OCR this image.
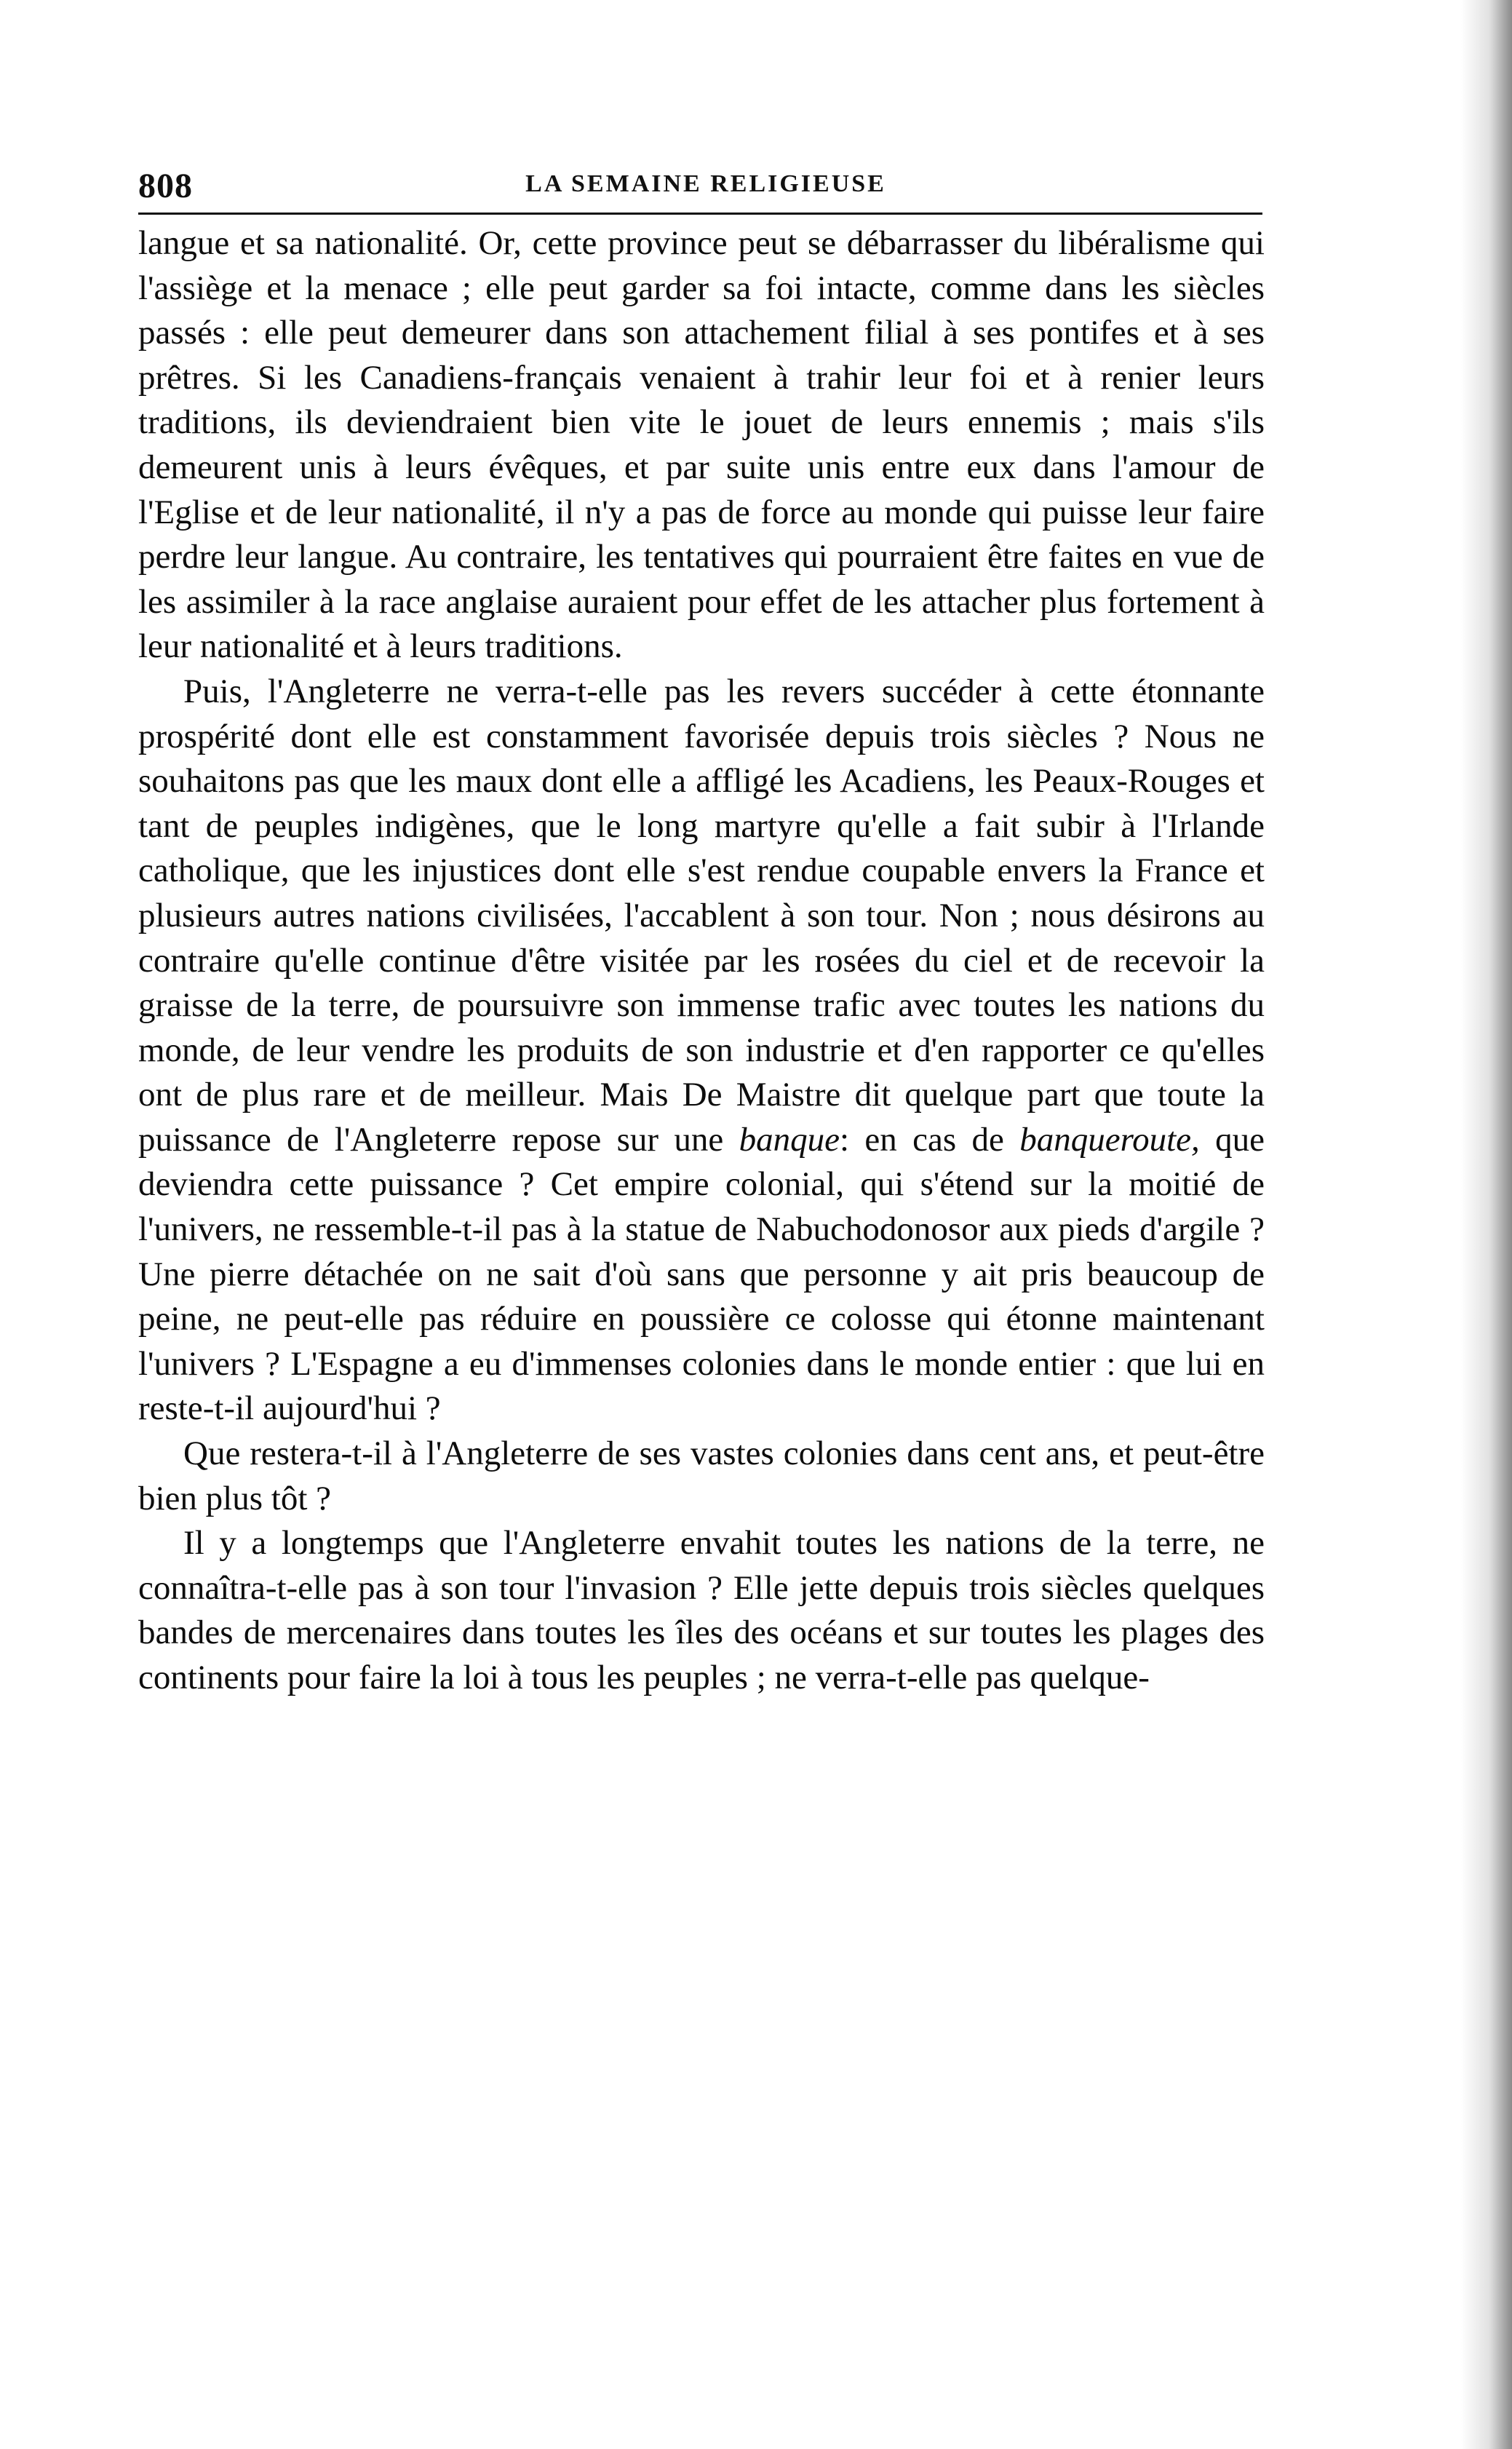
808	LA SEMAINE RELIGIEUSE

langue et sa nationalité. Or, cette province peut se débarrasser du libéralisme qui l'assiège et la menace ; elle peut garder sa foi intacte, comme dans les siècles passés : elle peut demeurer dans son attachement filial à ses pontifes et à ses prêtres. Si les Canadiens-français venaient à trahir leur foi et à renier leurs traditions, ils deviendraient bien vite le jouet de leurs ennemis ; mais s'ils demeurent unis à leurs évêques, et par suite unis entre eux dans l'amour de l'Eglise et de leur nationalité, il n'y a pas de force au monde qui puisse leur faire perdre leur langue. Au contraire, les tentatives qui pourraient être faites en vue de les assimiler à la race anglaise auraient pour effet de les attacher plus fortement à leur nationalité et à leurs traditions.

Puis, l'Angleterre ne verra-t-elle pas les revers succéder à cette étonnante prospérité dont elle est constamment favorisée depuis trois siècles ? Nous ne souhaitons pas que les maux dont elle a affligé les Acadiens, les Peaux-Rouges et tant de peuples indigènes, que le long martyre qu'elle a fait subir à l'Irlande catholique, que les injustices dont elle s'est rendue coupable envers la France et plusieurs autres nations civilisées, l'accablent à son tour. Non ; nous désirons au contraire qu'elle continue d'être visitée par les rosées du ciel et de recevoir la graisse de la terre, de poursuivre son immense trafic avec toutes les nations du monde, de leur vendre les produits de son industrie et d'en rapporter ce qu'elles ont de plus rare et de meilleur. Mais De Maistre dit quelque part que toute la puissance de l'Angleterre repose sur une banque: en cas de banqueroute, que deviendra cette puissance ? Cet empire colonial, qui s'étend sur la moitié de l'univers, ne ressemble-t-il pas à la statue de Nabuchodonosor aux pieds d'argile ? Une pierre détachée on ne sait d'où sans que personne y ait pris beaucoup de peine, ne peut-elle pas réduire en poussière ce colosse qui étonne maintenant l'univers ? L'Espagne a eu d'immenses colonies dans le monde entier : que lui en reste-t-il aujourd'hui ?

Que restera-t-il à l'Angleterre de ses vastes colonies dans cent ans, et peut-être bien plus tôt ?

Il y a longtemps que l'Angleterre envahit toutes les nations de la terre, ne connaîtra-t-elle pas à son tour l'invasion ? Elle jette depuis trois siècles quelques bandes de mercenaires dans toutes les îles des océans et sur toutes les plages des continents pour faire la loi à tous les peuples ; ne verra-t-elle pas quelque-
